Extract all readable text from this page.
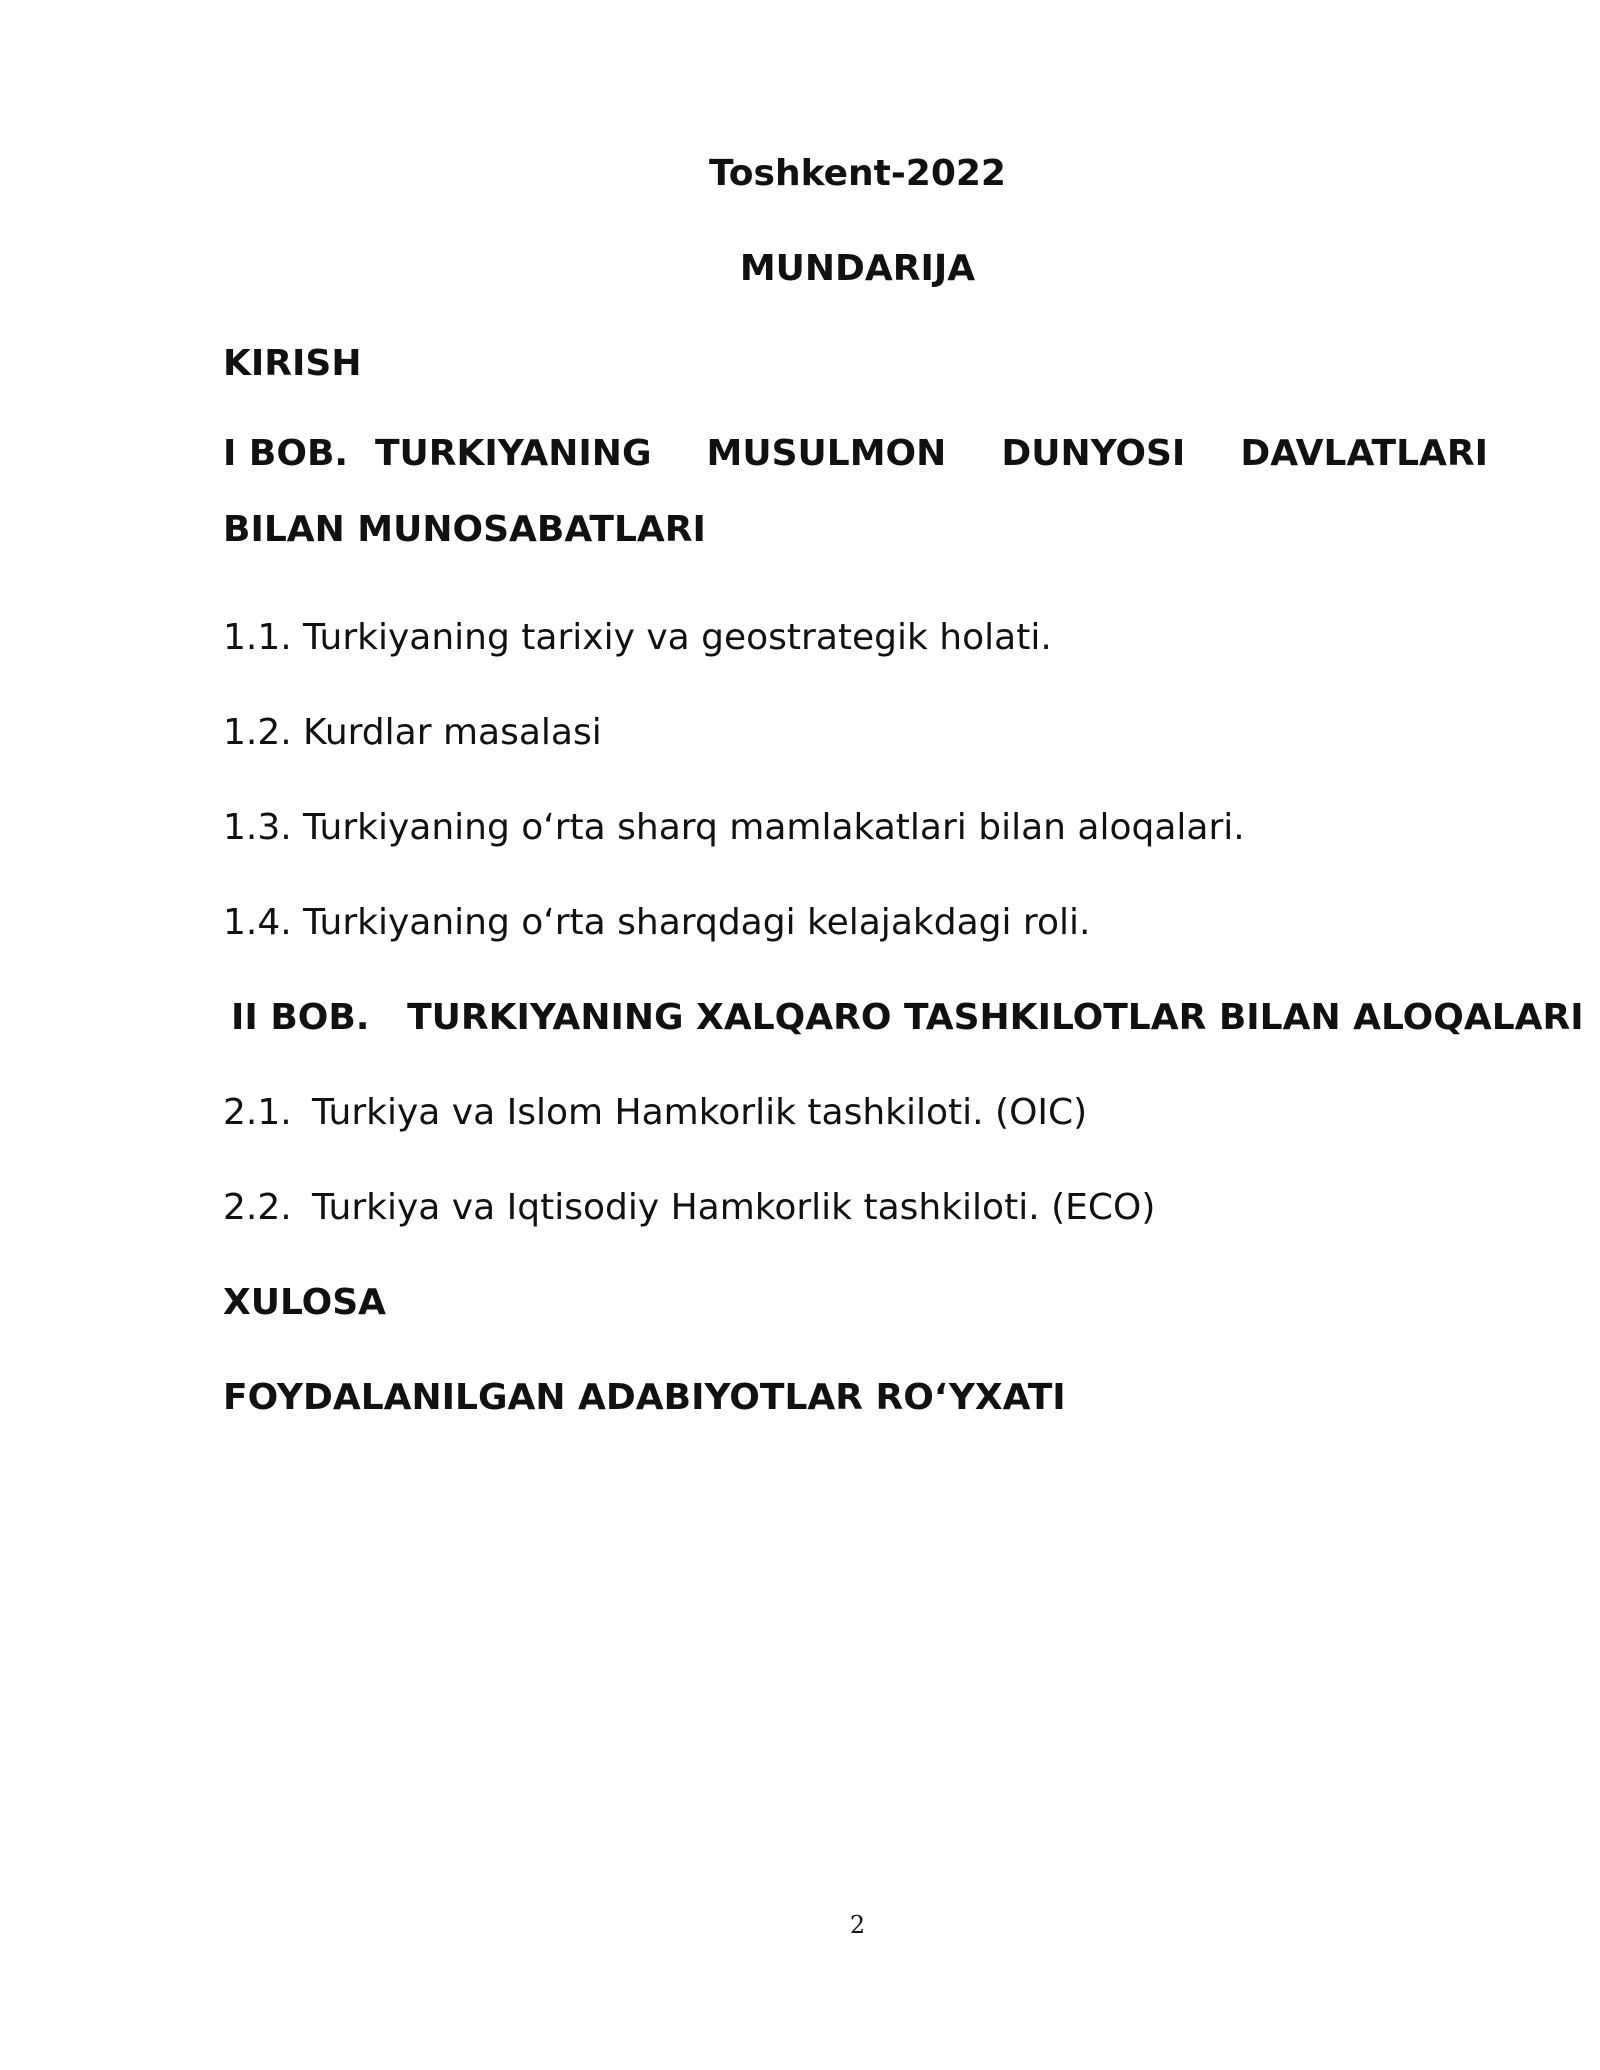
Toshkent-2022
MUNDARIJA

KIRISH

I BOB. TURKIYANING MUSULMON DUNYOSI DAVLATLARI BILAN MUNOSABATLARI

1.1. Turkiyaning tarixiy va geostrategik holati.

1.2. Kurdlar masalasi

1.3. Turkiyaning o‘rta sharq mamlakatlari bilan aloqalari.

1.4. Turkiyaning o‘rta sharqdagi kelajakdagi roli.

II BOB. TURKIYANING XALQARO TASHKILOTLAR BILAN ALOQALARI

2.1. Turkiya va Islom Hamkorlik tashkiloti. (OIC)

2.2. Turkiya va Iqtisodiy Hamkorlik tashkiloti. (ECO)

XULOSA

FOYDALANILGAN ADABIYOTLAR RO‘YXATI

2
